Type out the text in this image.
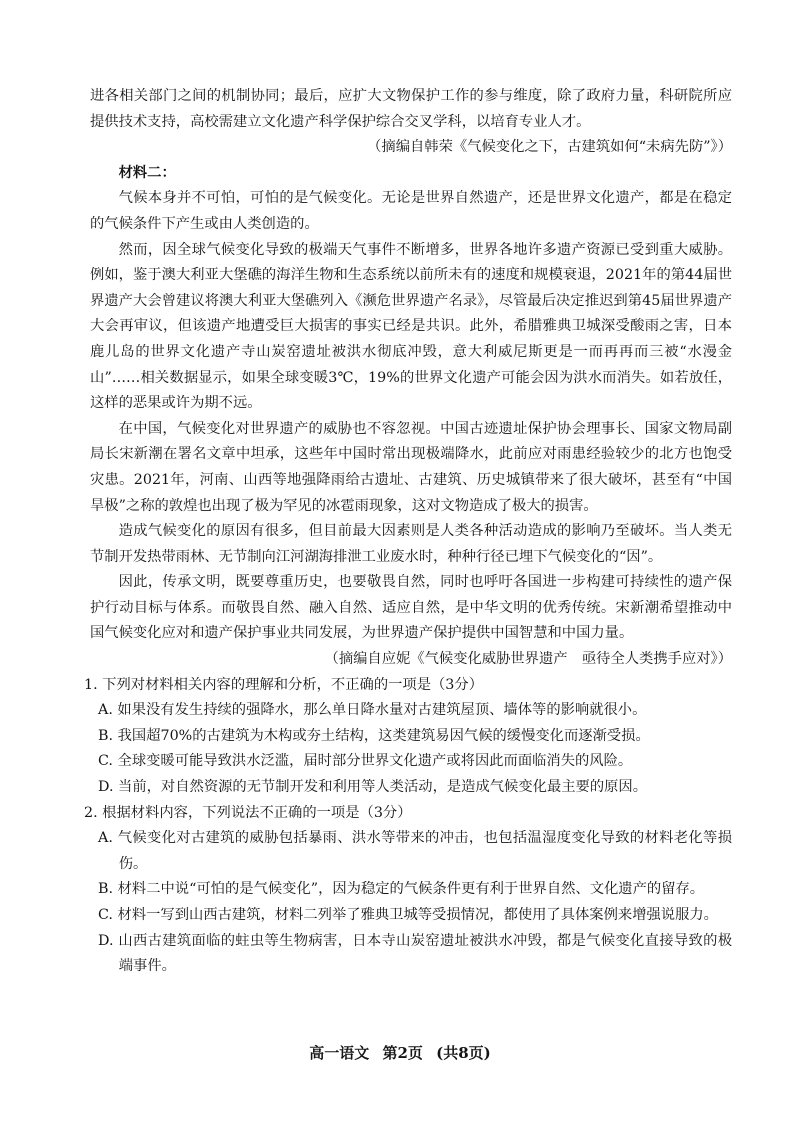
进各相关部门之间的机制协同；最后，应扩大文物保护工作的参与维度，除了政府力量，科研院所应提供技术支持，高校需建立文化遗产科学保护综合交叉学科，以培育专业人才。

（摘编自韩荣《气候变化之下，古建筑如何“未病先防”》）

材料二：

气候本身并不可怕，可怕的是气候变化。无论是世界自然遗产，还是世界文化遗产，都是在稳定的气候条件下产生或由人类创造的。

然而，因全球气候变化导致的极端天气事件不断增多，世界各地许多遗产资源已受到重大威胁。例如，鉴于澳大利亚大堡礁的海洋生物和生态系统以前所未有的速度和规模衰退，2021年的第44届世界遗产大会曾建议将澳大利亚大堡礁列入《濒危世界遗产名录》，尽管最后决定推迟到第45届世界遗产大会再审议，但该遗产地遭受巨大损害的事实已经是共识。此外，希腊雅典卫城深受酸雨之害，日本鹿儿岛的世界文化遗产寺山炭窑遗址被洪水彻底冲毁，意大利威尼斯更是一而再再而三被“水漫金山”……相关数据显示，如果全球变暖3℃，19%的世界文化遗产可能会因为洪水而消失。如若放任，这样的恶果或许为期不远。

在中国，气候变化对世界遗产的威胁也不容忽视。中国古迹遗址保护协会理事长、国家文物局副局长宋新潮在署名文章中坦承，这些年中国时常出现极端降水，此前应对雨患经验较少的北方也饱受灾患。2021年，河南、山西等地强降雨给古遗址、古建筑、历史城镇带来了很大破坏，甚至有“中国旱极”之称的敦煌也出现了极为罕见的冰雹雨现象，这对文物造成了极大的损害。

造成气候变化的原因有很多，但目前最大因素则是人类各种活动造成的影响乃至破坏。当人类无节制开发热带雨林、无节制向江河湖海排泄工业废水时，种种行径已埋下气候变化的“因”。

因此，传承文明，既要尊重历史，也要敬畏自然，同时也呼吁各国进一步构建可持续性的遗产保护行动目标与体系。而敬畏自然、融入自然、适应自然，是中华文明的优秀传统。宋新潮希望推动中国气候变化应对和遗产保护事业共同发展，为世界遗产保护提供中国智慧和中国力量。

（摘编自应妮《气候变化威胁世界遗产　亟待全人类携手应对》）

1. 下列对材料相关内容的理解和分析，不正确的一项是（3分）

A. 如果没有发生持续的强降水，那么单日降水量对古建筑屋顶、墙体等的影响就很小。

B. 我国超70%的古建筑为木构或夯土结构，这类建筑易因气候的缓慢变化而逐渐受损。

C. 全球变暖可能导致洪水泛滥，届时部分世界文化遗产或将因此而面临消失的风险。

D. 当前，对自然资源的无节制开发和利用等人类活动，是造成气候变化最主要的原因。

2. 根据材料内容，下列说法不正确的一项是（3分）

A. 气候变化对古建筑的威胁包括暴雨、洪水等带来的冲击，也包括温湿度变化导致的材料老化等损伤。

B. 材料二中说“可怕的是气候变化”，因为稳定的气候条件更有利于世界自然、文化遗产的留存。

C. 材料一写到山西古建筑，材料二列举了雅典卫城等受损情况，都使用了具体案例来增强说服力。

D. 山西古建筑面临的蛀虫等生物病害，日本寺山炭窑遗址被洪水冲毁，都是气候变化直接导致的极端事件。

高一语文 第2页 (共8页)
